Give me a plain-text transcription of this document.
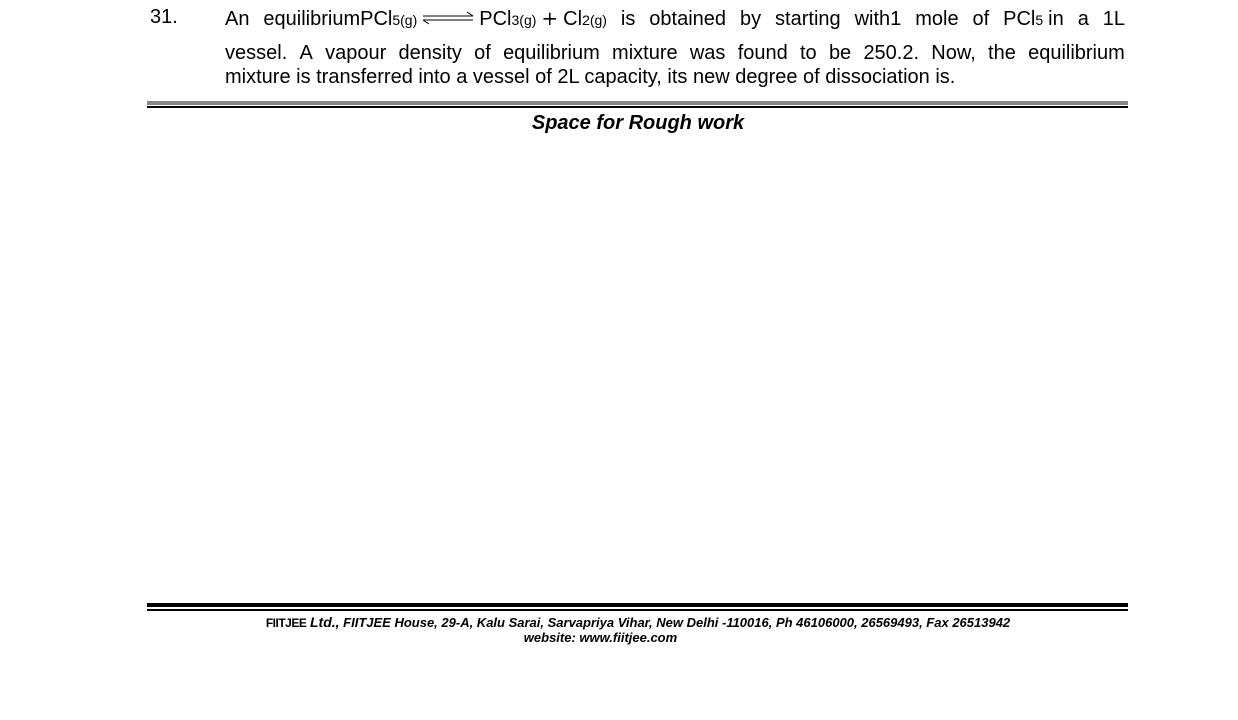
31. An equilibrium PCl 5(g) ⇌ PCl 3(g) + Cl 2(g) is obtained by starting with1 mole of PCl 5 in a 1L
vessel. A vapour density of equilibrium mixture was found to be 250.2. Now, the equilibrium
mixture is transferred into a vessel of 2L capacity, its new degree of dissociation is.
Space for Rough work
FIITJEE Ltd., FIITJEE House, 29-A, Kalu Sarai, Sarvapriya Vihar, New Delhi -110016, Ph 46106000, 26569493, Fax 26513942
website: www.fiitjee.com
